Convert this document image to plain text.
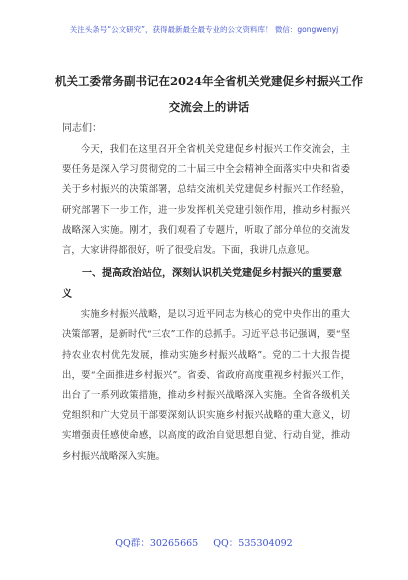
关注头条号“公文研究”，获得最新最全最专业的公文资料库！ 微信：gongwenyj
机关工委常务副书记在2024年全省机关党建促乡村振兴工作交流会上的讲话
同志们：

今天，我们在这里召开全省机关党建促乡村振兴工作交流会，主要任务是深入学习贯彻党的二十届三中全会精神全面落实中央和省委关于乡村振兴的决策部署，总结交流机关党建促乡村振兴工作经验，研究部署下一步工作，进一步发挥机关党建引领作用，推动乡村振兴战略深入实施。刚才，我们观看了专题片，听取了部分单位的交流发言，大家讲得都很好，听了很受启发。下面，我讲几点意见。

一、提高政治站位，深刻认识机关党建促乡村振兴的重要意义

实施乡村振兴战略，是以习近平同志为核心的党中央作出的重大决策部署，是新时代“三农”工作的总抓手。习近平总书记强调，要“坚持农业农村优先发展，推动实施乡村振兴战略”。党的二十大报告提出，要“全面推进乡村振兴”。省委、省政府高度重视乡村振兴工作，出台了一系列政策措施，推动乡村振兴战略深入实施。全省各级机关党组织和广大党员干部要深刻认识实施乡村振兴战略的重大意义，切实增强责任感使命感，以高度的政治自觉思想自觉、行动自觉，推动乡村振兴战略深入实施。

QQ群：30265665 QQ：535304092
